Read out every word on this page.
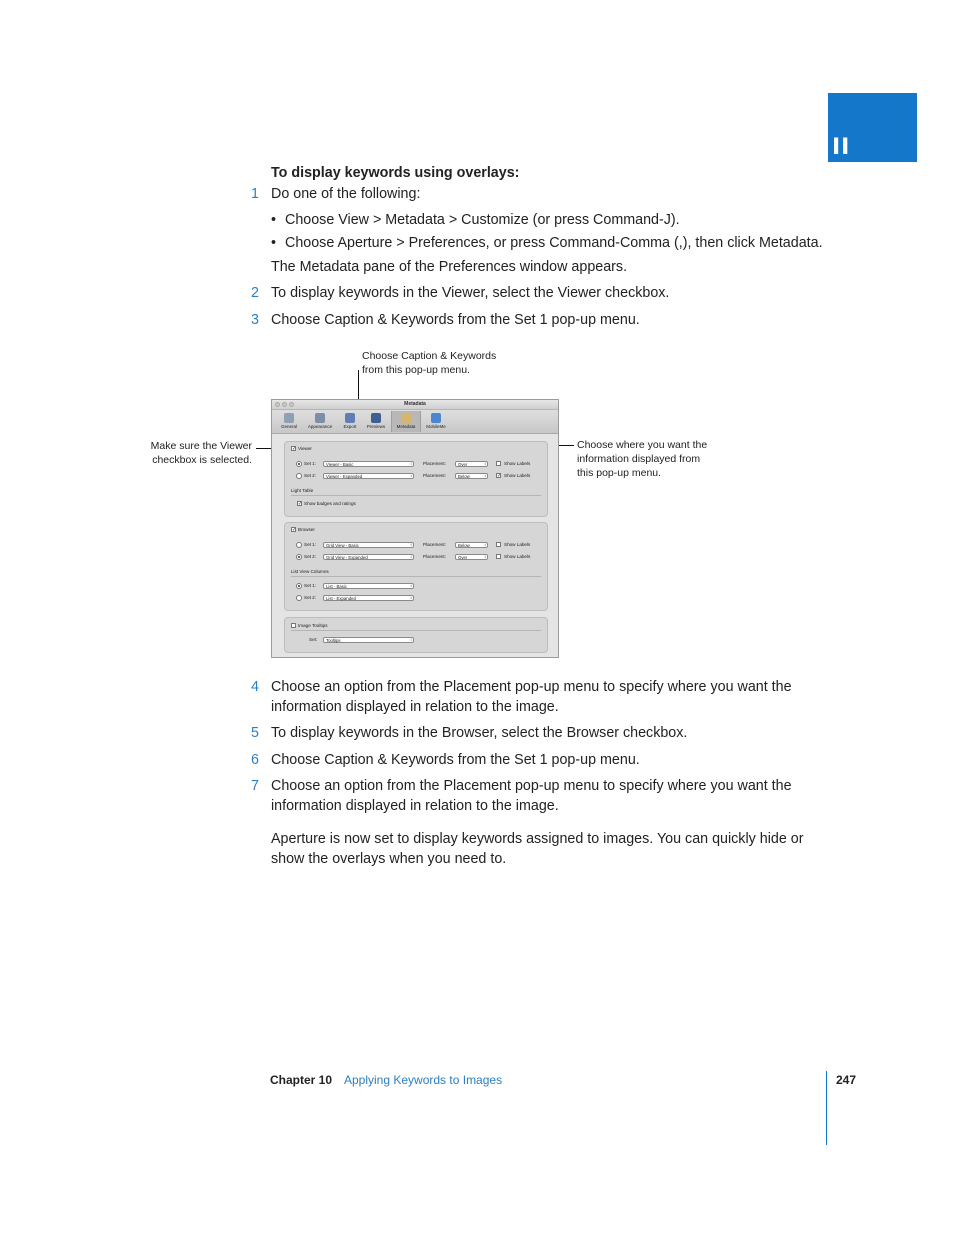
II
To display keywords using overlays:
1 Do one of the following:
• Choose View > Metadata > Customize (or press Command-J).
• Choose Aperture > Preferences, or press Command-Comma (,), then click Metadata.
The Metadata pane of the Preferences window appears.
2 To display keywords in the Viewer, select the Viewer checkbox.
3 Choose Caption & Keywords from the Set 1 pop-up menu.
Choose Caption & Keywords
from this pop-up menu.
Make sure the Viewer
checkbox is selected.
Choose where you want the
information displayed from
this pop-up menu.
Metadata
General	Appearance	Export	Previews	Metadata	MobileMe
✓ Viewer
Set 1:	Viewer - Basic ↕	Placement:	Over ↕	Show Labels
Set 2:	Viewer - Expanded ↕	Placement:	Below ↕	✓ Show Labels
Light Table
✓ Show badges and ratings
✓ Browser
Set 1:	Grid View - Basic ↕	Placement:	Below ↕	Show Labels
Set 2:	Grid View - Expanded ↕	Placement:	Over ↕	Show Labels
List View Columns
Set 1:	List - Basic ↕
Set 2:	List - Expanded ↕
Image Tooltips
Set:	Tooltips ↕
4 Choose an option from the Placement pop-up menu to specify where you want the
information displayed in relation to the image.
5 To display keywords in the Browser, select the Browser checkbox.
6 Choose Caption & Keywords from the Set 1 pop-up menu.
7 Choose an option from the Placement pop-up menu to specify where you want the
information displayed in relation to the image.
Aperture is now set to display keywords assigned to images. You can quickly hide or
show the overlays when you need to.
Chapter 10 Applying Keywords to Images	247
